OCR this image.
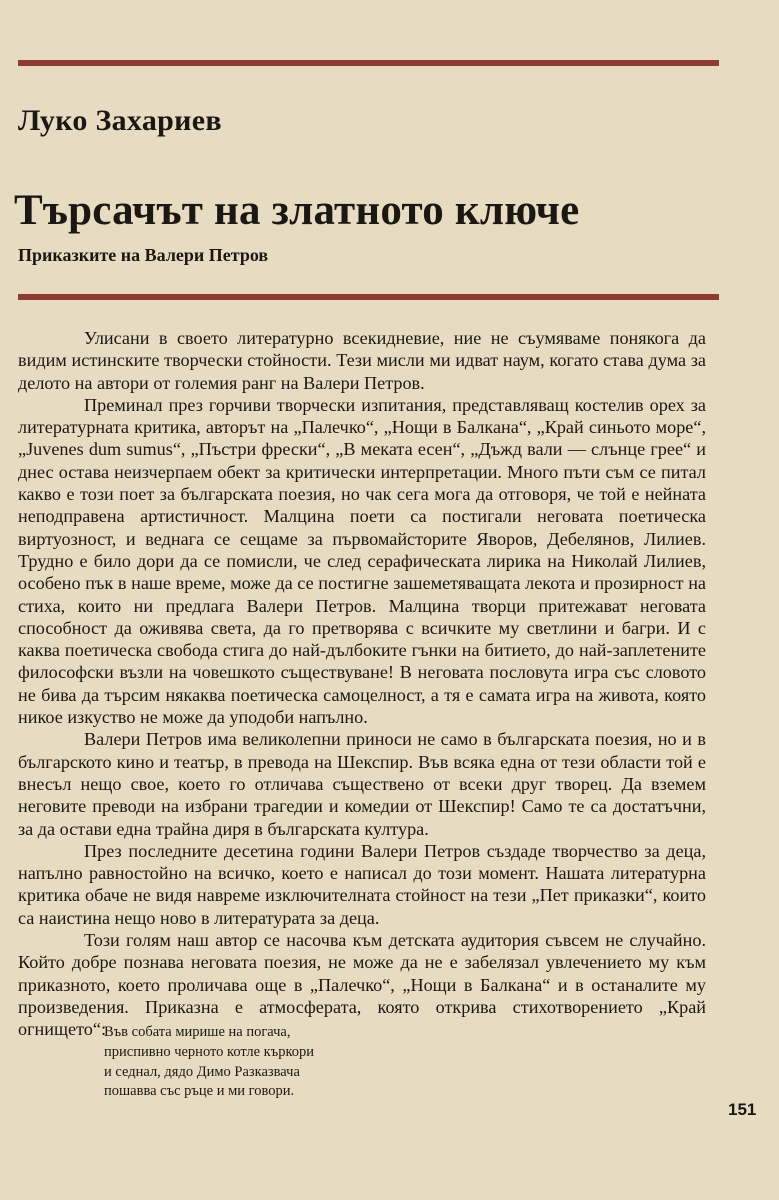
Луко Захариев
Търсачът на златното ключе
Приказките на Валери Петров

Улисани в своето литературно всекидневие, ние не съумяваме понякога да видим истинските творчески стойности. Тези мисли ми идват наум, когато става дума за делото на автори от големия ранг на Валери Петров.

Преминал през горчиви творчески изпитания, представляващ костелив орех за литературната критика, авторът на „Палечко“, „Нощи в Балкана“, „Край синьото море“, „Juvenes dum sumus“, „Пъстри фрески“, „В меката есен“, „Дъжд вали — слънце грее“ и днес остава неизчерпаем обект за критически интерпретации. Много пъти съм се питал какво е този поет за българската поезия, но чак сега мога да отговоря, че той е нейната неподправена артистичност. Малцина поети са постигали неговата поетическа виртуозност, и веднага се сещаме за първомайсторите Яворов, Дебелянов, Лилиев. Трудно е било дори да се помисли, че след серафическата лирика на Николай Лилиев, особено пък в наше време, може да се постигне зашеметяващата лекота и прозирност на стиха, които ни предлага Валери Петров. Малцина творци притежават неговата способност да оживява света, да го претворява с всичките му светлини и багри. И с каква поетическа свобода стига до най-дълбоките гънки на битието, до най-заплетените философски възли на човешкото съществуване! В неговата пословута игра със словото не бива да търсим някаква поетическа самоцелност, а тя е самата игра на живота, която никое изкуство не може да уподоби напълно.

Валери Петров има великолепни приноси не само в българската поезия, но и в българското кино и театър, в превода на Шекспир. Във всяка една от тези области той е внесъл нещо свое, което го отличава съществено от всеки друг творец. Да вземем неговите преводи на избрани трагедии и комедии от Шекспир! Само те са достатъчни, за да остави една трайна диря в българската култура.

През последните десетина години Валери Петров създаде творчество за деца, напълно равностойно на всичко, което е написал до този момент. Нашата литературна критика обаче не видя навреме изключителната стойност на тези „Пет приказки“, които са наистина нещо ново в литературата за деца.

Този голям наш автор се насочва към детската аудитория съвсем не случайно. Който добре познава неговата поезия, не може да не е забелязал увлечението му към приказното, което проличава още в „Палечко“, „Нощи в Балкана“ и в останалите му произведения. Приказна е атмосферата, която открива стихотворението „Край огнището“:

Във собата мирише на погача,
приспивно черното котле къркори
и седнал, дядо Димо Разказвача
пошавва със ръце и ми говори.
151
